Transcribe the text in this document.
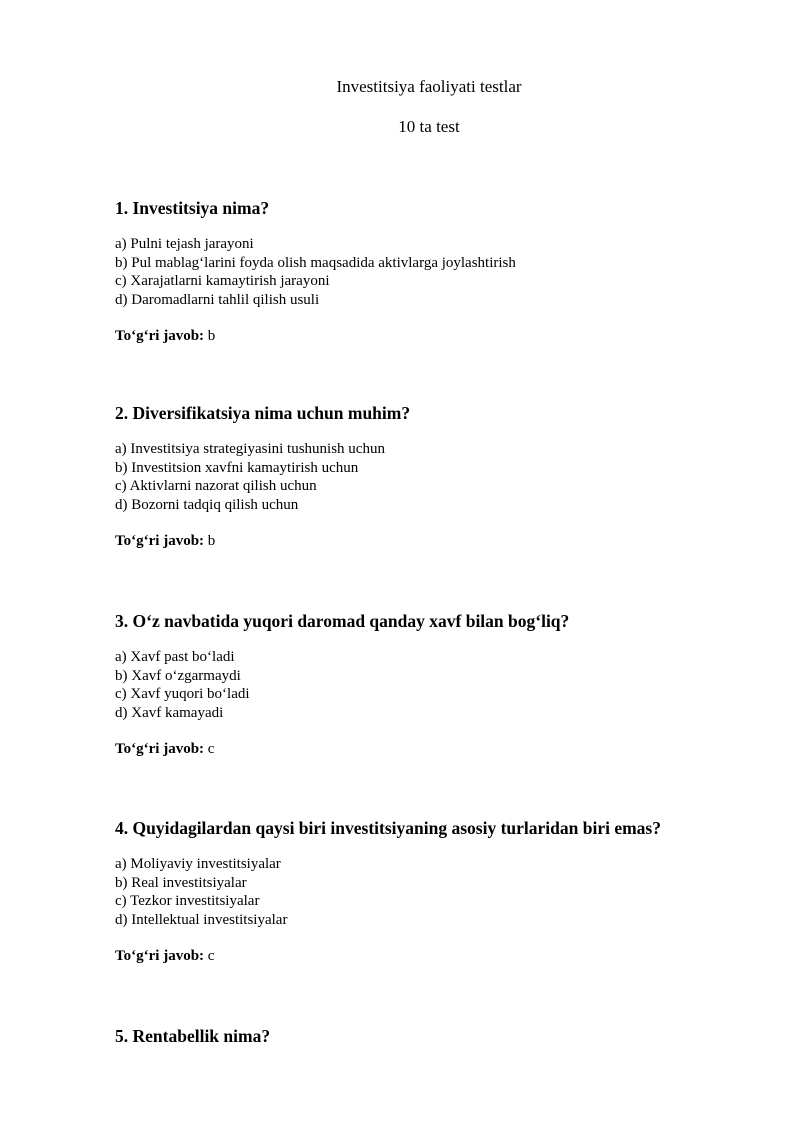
Investitsiya faoliyati testlar
10 ta test

1. Investitsiya nima?

a) Pulni tejash jarayoni
b) Pul mablag‘larini foyda olish maqsadida aktivlarga joylashtirish
c) Xarajatlarni kamaytirish jarayoni
d) Daromadlarni tahlil qilish usuli
To‘g‘ri javob: b

2. Diversifikatsiya nima uchun muhim?

a) Investitsiya strategiyasini tushunish uchun
b) Investitsion xavfni kamaytirish uchun
c) Aktivlarni nazorat qilish uchun
d) Bozorni tadqiq qilish uchun
To‘g‘ri javob: b

3. O‘z navbatida yuqori daromad qanday xavf bilan bog‘liq?

a) Xavf past bo‘ladi
b) Xavf o‘zgarmaydi
c) Xavf yuqori bo‘ladi
d) Xavf kamayadi
To‘g‘ri javob: c

4. Quyidagilardan qaysi biri investitsiyaning asosiy turlaridan biri emas?

a) Moliyaviy investitsiyalar
b) Real investitsiyalar
c) Tezkor investitsiyalar
d) Intellektual investitsiyalar
To‘g‘ri javob: c

5. Rentabellik nima?
